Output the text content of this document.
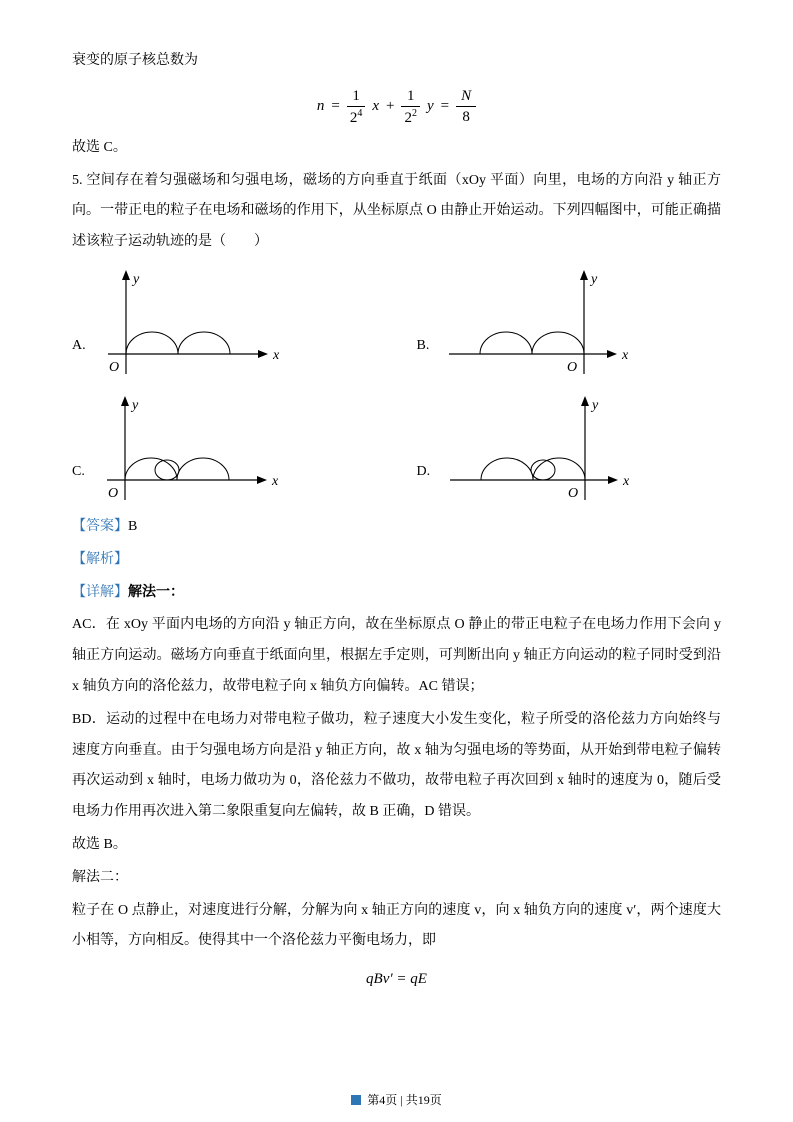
衰变的原子核总数为

$n = \frac{1}{2^4}$ $x + \frac{1}{2^2}$ $y = \frac{N}{8}$

故选 C。

5. 空间存在着匀强磁场和匀强电场，磁场的方向垂直于纸面（xOy 平面）向里，电场的方向沿 y 轴正方向。一带正电的粒子在电场和磁场的作用下，从坐标原点 O 由静止开始运动。下列四幅图中，可能正确描述该粒子运动轨迹的是（　　）

A.
y
x
O
B.
y
x
O
C.
y
x
O
D.
y
x
O

【答案】B

【解析】

【详解】解法一：

AC．在 xOy 平面内电场的方向沿 y 轴正方向，故在坐标原点 O 静止的带正电粒子在电场力作用下会向 y 轴正方向运动。磁场方向垂直于纸面向里，根据左手定则，可判断出向 y 轴正方向运动的粒子同时受到沿 x 轴负方向的洛伦兹力，故带电粒子向 x 轴负方向偏转。AC 错误；

BD．运动的过程中在电场力对带电粒子做功，粒子速度大小发生变化，粒子所受的洛伦兹力方向始终与速度方向垂直。由于匀强电场方向是沿 y 轴正方向，故 x 轴为匀强电场的等势面，从开始到带电粒子偏转再次运动到 x 轴时，电场力做功为 0，洛伦兹力不做功，故带电粒子再次回到 x 轴时的速度为 0，随后受电场力作用再次进入第二象限重复向左偏转，故 B 正确，D 错误。

故选 B。

解法二：

粒子在 O 点静止，对速度进行分解，分解为向 x 轴正方向的速度 v，向 x 轴负方向的速度 v′，两个速度大小相等，方向相反。使得其中一个洛伦兹力平衡电场力，即

qBv′ = qE

第4页 | 共19页
